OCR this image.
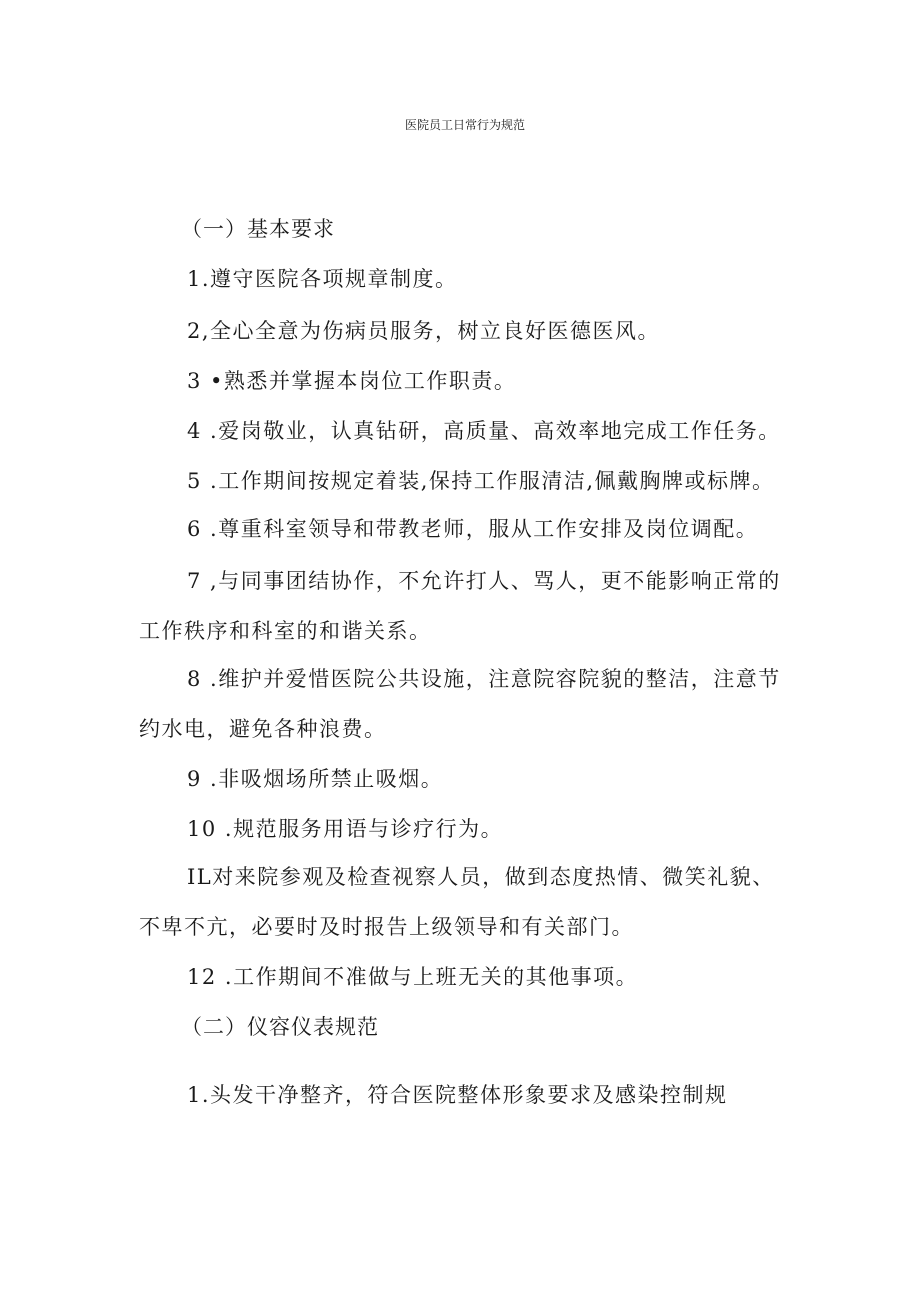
医院员工日常行为规范
（一）基本要求
1.遵守医院各项规章制度。
2,全心全意为伤病员服务，树立良好医德医风。
3 •熟悉并掌握本岗位工作职责。
4 .爱岗敬业，认真钻研，高质量、高效率地完成工作任务。
5 .工作期间按规定着装,保持工作服清洁,佩戴胸牌或标牌。
6 .尊重科室领导和带教老师，服从工作安排及岗位调配。
7 ,与同事团结协作，不允许打人、骂人，更不能影响正常的
工作秩序和科室的和谐关系。
8 .维护并爱惜医院公共设施，注意院容院貌的整洁，注意节
约水电，避免各种浪费。
9 .非吸烟场所禁止吸烟。
10 .规范服务用语与诊疗行为。
IL对来院参观及检查视察人员，做到态度热情、微笑礼貌、
不卑不亢，必要时及时报告上级领导和有关部门。
12 .工作期间不准做与上班无关的其他事项。
（二）仪容仪表规范
1.头发干净整齐，符合医院整体形象要求及感染控制规
